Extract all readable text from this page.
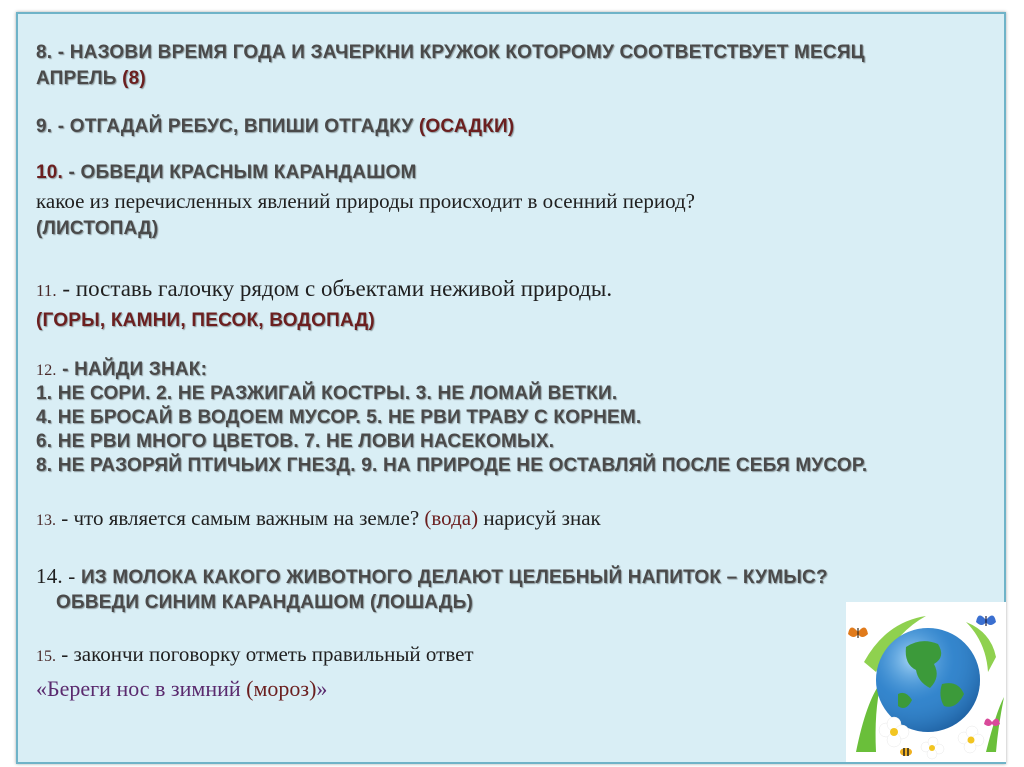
8. - НАЗОВИ ВРЕМЯ ГОДА И ЗАЧЕРКНИ КРУЖОК КОТОРОМУ СООТВЕТСТВУЕТ МЕСЯЦ
АПРЕЛЬ (8)
9. - ОТГАДАЙ РЕБУС, ВПИШИ ОТГАДКУ (ОСАДКИ)
10. - ОБВЕДИ КРАСНЫМ КАРАНДАШОМ
какое из перечисленных явлений природы происходит в осенний период?
(ЛИСТОПАД)
11. - поставь галочку рядом с объектами неживой природы.
(ГОРЫ, КАМНИ, ПЕСОК, ВОДОПАД)
12. - НАЙДИ ЗНАК:
1. НЕ СОРИ. 2. НЕ РАЗЖИГАЙ КОСТРЫ. 3. НЕ ЛОМАЙ ВЕТКИ.
4. НЕ БРОСАЙ В ВОДОЕМ МУСОР. 5. НЕ РВИ ТРАВУ С КОРНЕМ.
6. НЕ РВИ МНОГО ЦВЕТОВ. 7. НЕ ЛОВИ НАСЕКОМЫХ.
8. НЕ РАЗОРЯЙ ПТИЧЬИХ ГНЕЗД. 9. НА ПРИРОДЕ НЕ ОСТАВЛЯЙ ПОСЛЕ СЕБЯ МУСОР.
13. - что является самым важным на земле? (вода) нарисуй знак
14. - ИЗ МОЛОКА КАКОГО ЖИВОТНОГО ДЕЛАЮТ ЦЕЛЕБНЫЙ НАПИТОК – КУМЫС?
ОБВЕДИ СИНИМ КАРАНДАШОМ (ЛОШАДЬ)
15. - закончи поговорку отметь правильный ответ
«Береги нос в зимний (мороз)»
